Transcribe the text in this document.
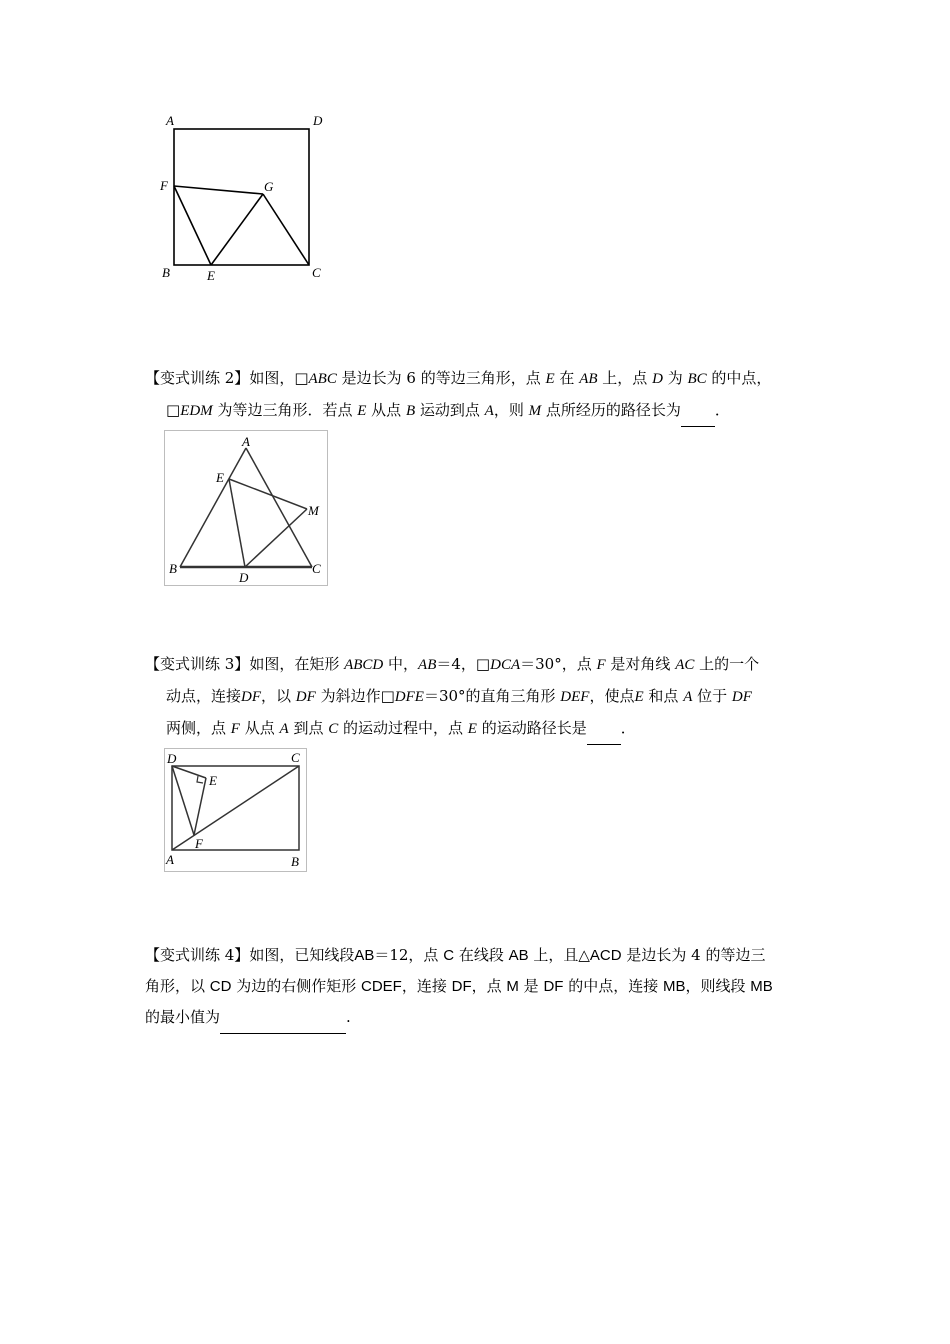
A	D
F	G
B	E	C
【变式训练 2】如图，□ABC 是边长为 6 的等边三角形，点 E 在 AB 上，点 D 为 BC 的中点，
□EDM 为等边三角形．若点 E 从点 B 运动到点 A，则 M 点所经历的路径长为 ．
A
E
M
B
D
C
【变式训练 3】如图，在矩形 ABCD 中，AB＝4，□DCA＝30°，点 F 是对角线 AC 上的一个
动点，连接DF，以 DF 为斜边作□DFE＝30°的直角三角形 DEF，使点E 和点 A 位于 DF
两侧，点 F 从点 A 到点 C 的运动过程中，点 E 的运动路径长是 ．
D	C
E
F
A	B
【变式训练 4】如图，已知线段AB＝12，点 C 在线段 AB 上，且△ACD 是边长为 4 的等边三
角形，以 CD 为边的右侧作矩形 CDEF，连接 DF，点 M 是 DF 的中点，连接 MB，则线段 MB
的最小值为	.
